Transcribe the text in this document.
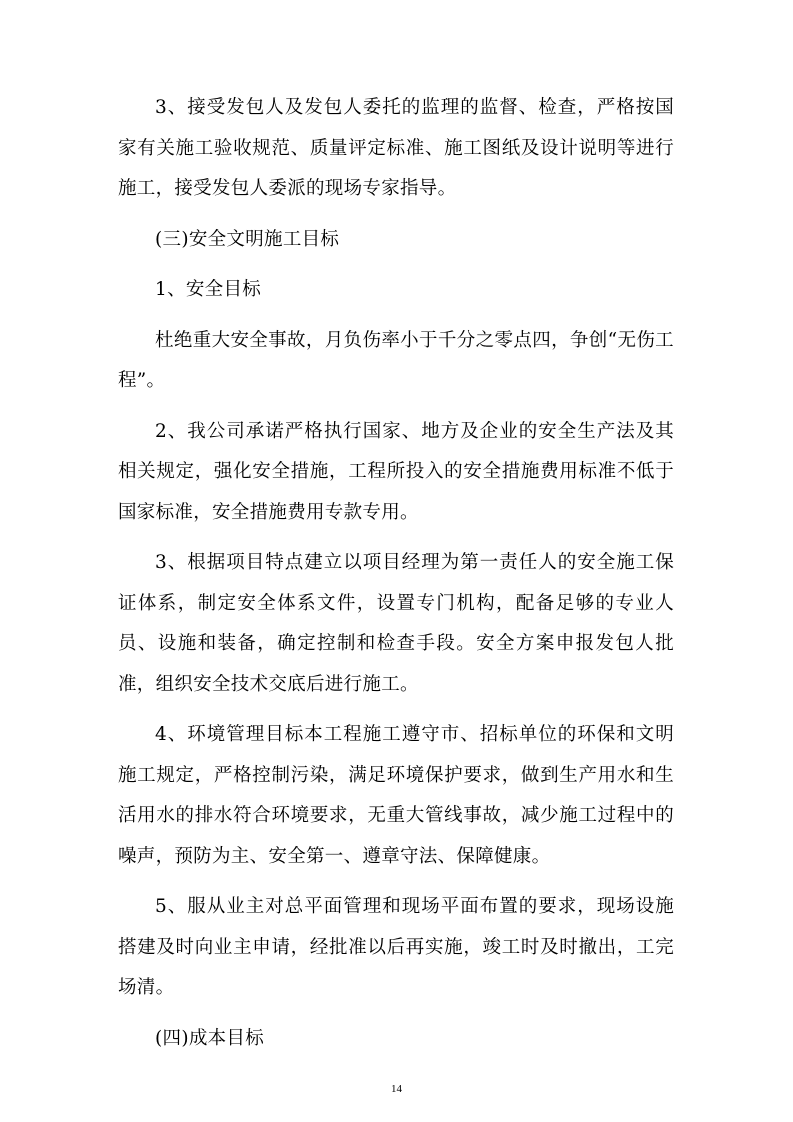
3、接受发包人及发包人委托的监理的监督、检查，严格按国家有关施工验收规范、质量评定标准、施工图纸及设计说明等进行施工，接受发包人委派的现场专家指导。

(三)安全文明施工目标

1、安全目标

杜绝重大安全事故，月负伤率小于千分之零点四，争创“无伤工程”。

2、我公司承诺严格执行国家、地方及企业的安全生产法及其相关规定，强化安全措施，工程所投入的安全措施费用标准不低于国家标准，安全措施费用专款专用。

3、根据项目特点建立以项目经理为第一责任人的安全施工保证体系，制定安全体系文件，设置专门机构，配备足够的专业人员、设施和装备，确定控制和检查手段。安全方案申报发包人批准，组织安全技术交底后进行施工。

4、环境管理目标本工程施工遵守市、招标单位的环保和文明施工规定，严格控制污染，满足环境保护要求，做到生产用水和生活用水的排水符合环境要求，无重大管线事故，减少施工过程中的噪声，预防为主、安全第一、遵章守法、保障健康。

5、服从业主对总平面管理和现场平面布置的要求，现场设施搭建及时向业主申请，经批准以后再实施，竣工时及时撤出，工完场清。

(四)成本目标

14
